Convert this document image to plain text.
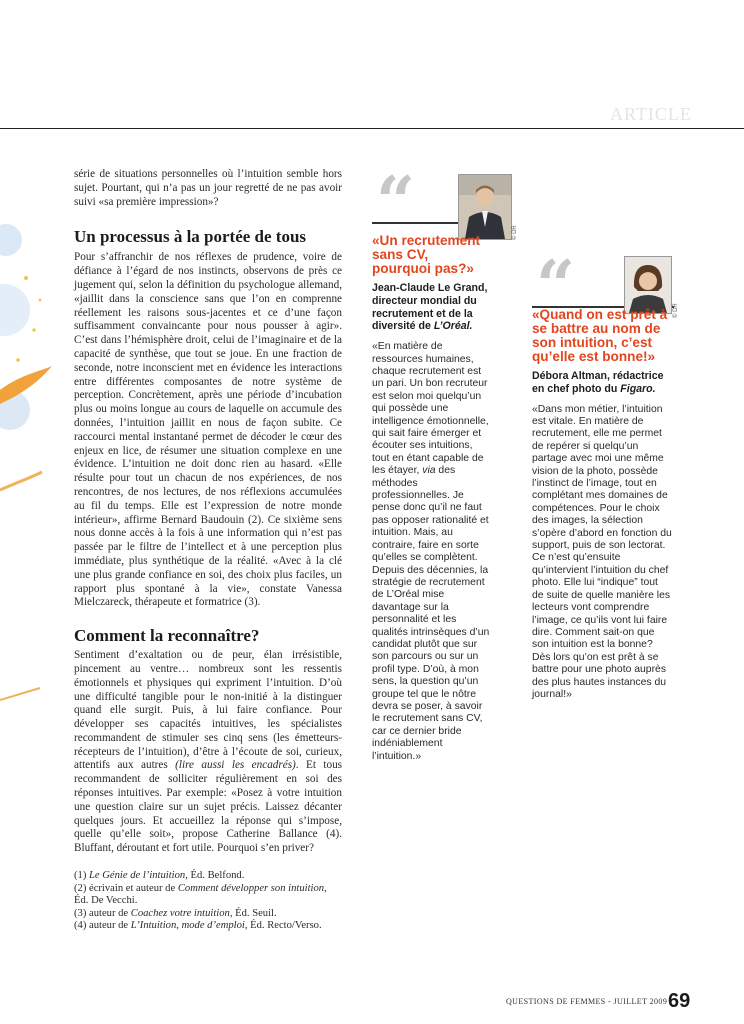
ARTICLE

série de situations personnelles où l’intuition semble hors sujet. Pourtant, qui n’a pas un jour regretté de ne pas avoir suivi «sa première impression»?

Un processus à la portée de tous

Pour s’affranchir de nos réflexes de prudence, voire de défiance à l’égard de nos instincts, observons de près ce jugement qui, selon la définition du psychologue allemand, «jaillit dans la conscience sans que l’on en comprenne réellement les raisons sous-jacentes et ce d’une façon suffisamment convaincante pour nous pousser à agir». C’est dans l’hémisphère droit, celui de l’imaginaire et de la capacité de synthèse, que tout se joue. En une fraction de seconde, notre inconscient met en évidence les interactions entre différentes composantes de notre système de perception. Concrètement, après une période d’incubation plus ou moins longue au cours de laquelle on accumule des données, l’intuition jaillit en nous de façon subite. Ce raccourci mental instantané permet de décoder le cœur des enjeux en lice, de résumer une situation complexe en une évidence. L’intuition ne doit donc rien au hasard. «Elle résulte pour tout un chacun de nos expériences, de nos rencontres, de nos lectures, de nos réflexions accumulées au fil du temps. Elle est l’expression de notre monde intérieur», affirme Bernard Baudouin (2). Ce sixième sens nous donne accès à la fois à une information qui n’est pas passée par le filtre de l’intellect et à une perception plus immédiate, plus synthétique de la réalité. «Avec à la clé une plus grande confiance en soi, des choix plus faciles, un rapport plus spontané à la vie», constate Vanessa Mielczareck, thérapeute et formatrice (3).

Comment la reconnaître?

Sentiment d’exaltation ou de peur, élan irrésistible, pincement au ventre… nombreux sont les ressentis émotionnels et physiques qui expriment l’intuition. D’où une difficulté tangible pour le non-initié à la distinguer quand elle surgit. Puis, à lui faire confiance. Pour développer ses capacités intuitives, les spécialistes recommandent de stimuler ses cinq sens (les émetteurs-récepteurs de l’intuition), d’être à l’écoute de soi, curieux, attentifs aux autres (lire aussi les encadrés). Et tous recommandent de solliciter régulièrement en soi des réponses intuitives. Par exemple: «Posez à votre intuition une question claire sur un sujet précis. Laissez décanter quelques jours. Et accueillez la réponse qui s’impose, quelle qu’elle soit», propose Catherine Ballance (4). Bluffant, déroutant et fort utile. Pourquoi s’en priver?

(1) Le Génie de l’intuition, Éd. Belfond.
(2) écrivain et auteur de Comment développer son intuition, Éd. De Vecchi.
(3) auteur de Coachez votre intuition, Éd. Seuil.
(4) auteur de L’Intuition, mode d’emploi, Éd. Recto/Verso.
“	© DR

«Un recrutement sans CV, pourquoi pas?»

Jean-Claude Le Grand, directeur mondial du recrutement et de la diversité de L’Oréal.

«En matière de ressources humaines, chaque recrutement est un pari. Un bon recruteur est selon moi quelqu’un qui possède une intelligence émotionnelle, qui sait faire émerger et écouter ses intuitions, tout en étant capable de les étayer, via des méthodes professionnelles. Je pense donc qu’il ne faut pas opposer rationalité et intuition. Mais, au contraire, faire en sorte qu’elles se complètent. Depuis des décennies, la stratégie de recrutement de L’Oréal mise davantage sur la personnalité et les qualités intrinsèques d’un candidat plutôt que sur son parcours ou sur un profil type. D’où, à mon sens, la question qu’un groupe tel que le nôtre devra se poser, à savoir le recrutement sans CV, car ce dernier bride indéniablement l’intuition.»

“	© DR

«Quand on est prêt à se battre au nom de son intuition, c’est qu’elle est bonne!»

Débora Altman, rédactrice en chef photo du Figaro.

«Dans mon métier, l’intuition est vitale. En matière de recrutement, elle me permet de repérer si quelqu’un partage avec moi une même vision de la photo, possède l’instinct de l’image, tout en complétant mes domaines de compétences. Pour le choix des images, la sélection s’opère d’abord en fonction du support, puis de son lectorat. Ce n’est qu’ensuite qu’intervient l’intuition du chef photo. Elle lui “indique” tout de suite de quelle manière les lecteurs vont comprendre l’image, ce qu’ils vont lui faire dire. Comment sait-on que son intuition est la bonne? Dès lors qu’on est prêt à se battre pour une photo auprès des plus hautes instances du journal!»

QUESTIONS DE FEMMES - JUILLET 2009 69
